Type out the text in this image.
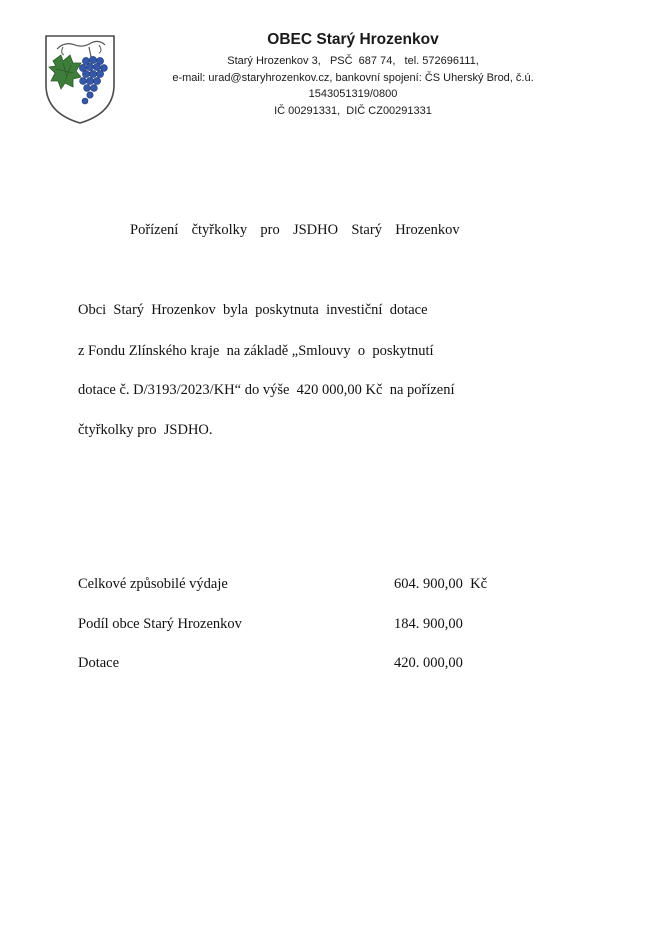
OBEC Starý Hrozenkov
Starý Hrozenkov 3,   PSČ  687 74,   tel. 572696111,
e-mail: urad@staryhrozenkov.cz, bankovní spojení: ČS Uherský Brod, č.ú.
1543051319/0800
IČ 00291331,  DIČ CZ00291331
Pořízení  čtyřkolky  pro  JSDHO  Starý  Hrozenkov
Obci  Starý  Hrozenkov  byla  poskytnuta  investiční  dotace
z Fondu Zlínského kraje  na základě „Smlouvy  o  poskytnutí
dotace č. D/3193/2023/KH“ do výše  420 000,00 Kč  na pořízení
čtyřkolky pro  JSDHO.
Celkové způsobilé výdaje	604. 900,00  Kč
Podíl obce Starý Hrozenkov	184. 900,00
Dotace	420. 000,00
